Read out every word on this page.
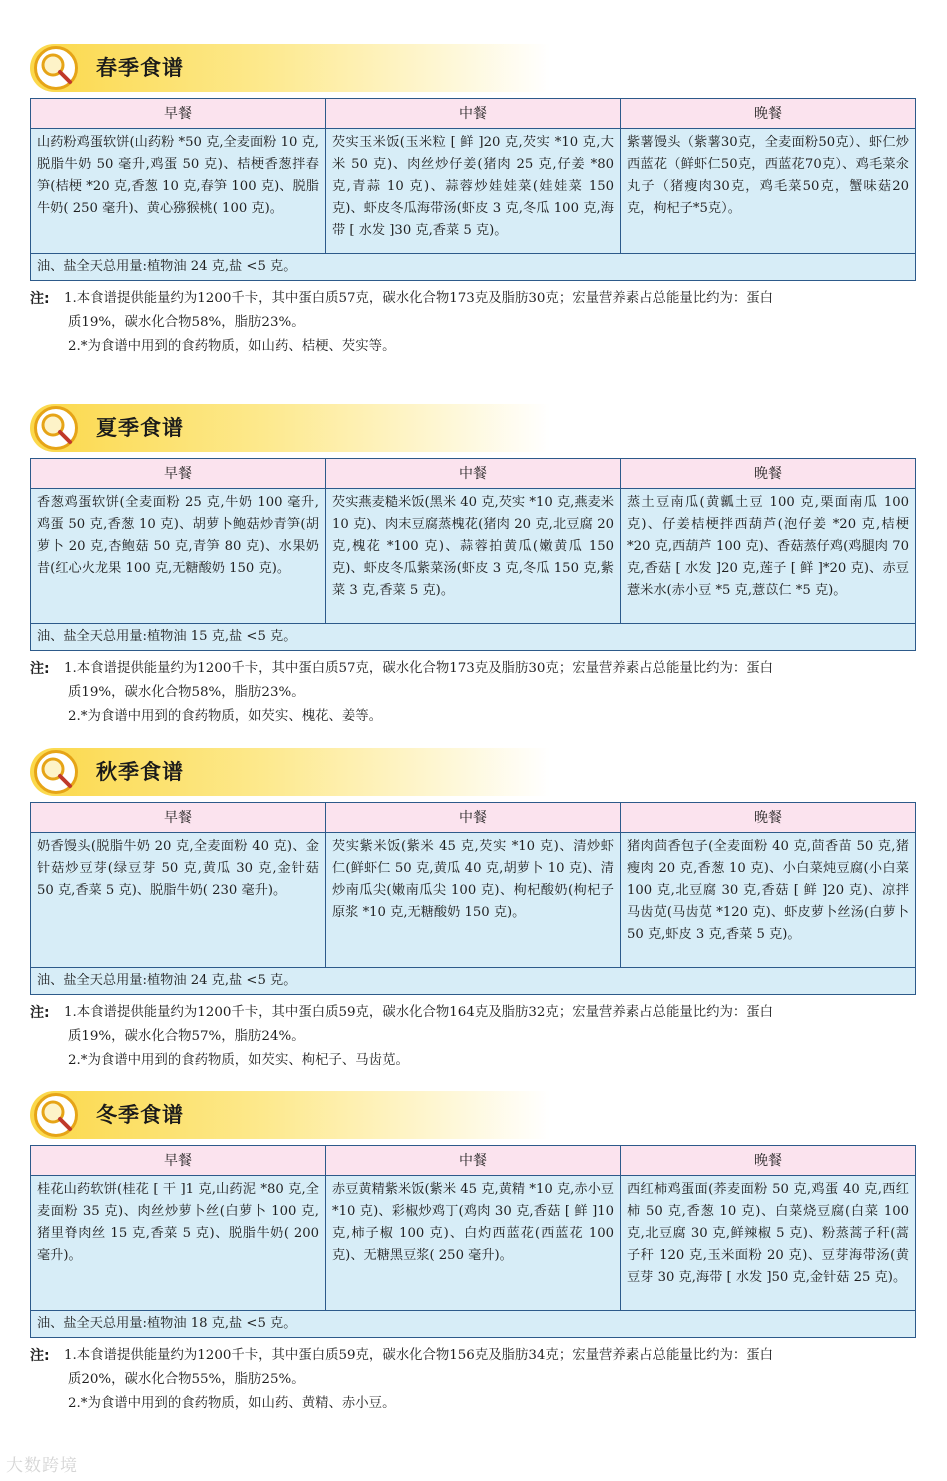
春季食谱
早餐	中餐	晚餐
山药粉鸡蛋软饼(山药粉 *50 克,全麦面粉 10 克,脱脂牛奶 50 毫升,鸡蛋 50 克)、桔梗香葱拌春笋(桔梗 *20 克,香葱 10 克,春笋 100 克)、脱脂牛奶( 250 毫升)、黄心猕猴桃( 100 克)。	芡实玉米饭(玉米粒 [ 鲜 ]20 克,芡实 *10 克,大米 50 克)、肉丝炒仔姜(猪肉 25 克,仔姜 *80 克,青蒜 10 克)、蒜蓉炒娃娃菜(娃娃菜 150 克)、虾皮冬瓜海带汤(虾皮 3 克,冬瓜 100 克,海带 [ 水发 ]30 克,香菜 5 克)。	紫薯馒头（紫薯30克，全麦面粉50克）、虾仁炒西蓝花（鲜虾仁50克，西蓝花70克）、鸡毛菜氽丸子（猪瘦肉30克，鸡毛菜50克，蟹味菇20克，枸杞子*5克）。
油、盐全天总用量:植物油 24 克,盐 <5 克。		
注:	1.本食谱提供能量约为1200千卡，其中蛋白质57克，碳水化合物173克及脂肪30克；宏量营养素占总能量比约为：蛋白
质19%，碳水化合物58%，脂肪23%。
2.*为食谱中用到的食药物质，如山药、桔梗、芡实等。
夏季食谱
早餐	中餐	晚餐
香葱鸡蛋软饼(全麦面粉 25 克,牛奶 100 毫升,鸡蛋 50 克,香葱 10 克)、胡萝卜鲍菇炒青笋(胡萝卜 20 克,杏鲍菇 50 克,青笋 80 克)、水果奶昔(红心火龙果 100 克,无糖酸奶 150 克)。	芡实燕麦糙米饭(黑米 40 克,芡实 *10 克,燕麦米 10 克)、肉末豆腐蒸槐花(猪肉 20 克,北豆腐 20 克,槐花 *100 克)、蒜蓉拍黄瓜(嫩黄瓜 150 克)、虾皮冬瓜紫菜汤(虾皮 3 克,冬瓜 150 克,紫菜 3 克,香菜 5 克)。	蒸土豆南瓜(黄瓤土豆 100 克,栗面南瓜 100 克)、仔姜桔梗拌西葫芦(泡仔姜 *20 克,桔梗 *20 克,西葫芦 100 克)、香菇蒸仔鸡(鸡腿肉 70 克,香菇 [ 水发 ]20 克,莲子 [ 鲜 ]*20 克)、赤豆薏米水(赤小豆 *5 克,薏苡仁 *5 克)。
油、盐全天总用量:植物油 15 克,盐 <5 克。		
注:	1.本食谱提供能量约为1200千卡，其中蛋白质57克，碳水化合物173克及脂肪30克；宏量营养素占总能量比约为：蛋白
质19%，碳水化合物58%，脂肪23%。
2.*为食谱中用到的食药物质，如芡实、槐花、姜等。
秋季食谱
早餐	中餐	晚餐
奶香馒头(脱脂牛奶 20 克,全麦面粉 40 克)、金针菇炒豆芽(绿豆芽 50 克,黄瓜 30 克,金针菇 50 克,香菜 5 克)、脱脂牛奶( 230 毫升)。	芡实紫米饭(紫米 45 克,芡实 *10 克)、清炒虾仁(鲜虾仁 50 克,黄瓜 40 克,胡萝卜 10 克)、清炒南瓜尖(嫩南瓜尖 100 克)、枸杞酸奶(枸杞子原浆 *10 克,无糖酸奶 150 克)。	猪肉茴香包子(全麦面粉 40 克,茴香苗 50 克,猪瘦肉 20 克,香葱 10 克)、小白菜炖豆腐(小白菜 100 克,北豆腐 30 克,香菇 [ 鲜 ]20 克)、凉拌马齿苋(马齿苋 *120 克)、虾皮萝卜丝汤(白萝卜 50 克,虾皮 3 克,香菜 5 克)。
油、盐全天总用量:植物油 24 克,盐 <5 克。		
注:	1.本食谱提供能量约为1200千卡，其中蛋白质59克，碳水化合物164克及脂肪32克；宏量营养素占总能量比约为：蛋白
质19%，碳水化合物57%，脂肪24%。
2.*为食谱中用到的食药物质，如芡实、枸杞子、马齿苋。
冬季食谱
早餐	中餐	晚餐
桂花山药软饼(桂花 [ 干 ]1 克,山药泥 *80 克,全麦面粉 35 克)、肉丝炒萝卜丝(白萝卜 100 克,猪里脊肉丝 15 克,香菜 5 克)、脱脂牛奶( 200 毫升)。	赤豆黄精紫米饭(紫米 45 克,黄精 *10 克,赤小豆 *10 克)、彩椒炒鸡丁(鸡肉 30 克,香菇 [ 鲜 ]10 克,柿子椒 100 克)、白灼西蓝花(西蓝花 100 克)、无糖黑豆浆( 250 毫升)。	西红柿鸡蛋面(荞麦面粉 50 克,鸡蛋 40 克,西红柿 50 克,香葱 10 克)、白菜烧豆腐(白菜 100 克,北豆腐 30 克,鲜辣椒 5 克)、粉蒸蒿子秆(蒿子秆 120 克,玉米面粉 20 克)、豆芽海带汤(黄豆芽 30 克,海带 [ 水发 ]50 克,金针菇 25 克)。
油、盐全天总用量:植物油 18 克,盐 <5 克。		
注:	1.本食谱提供能量约为1200千卡，其中蛋白质59克，碳水化合物156克及脂肪34克；宏量营养素占总能量比约为：蛋白
质20%，碳水化合物55%，脂肪25%。
2.*为食谱中用到的食药物质，如山药、黄精、赤小豆。
大数跨境
